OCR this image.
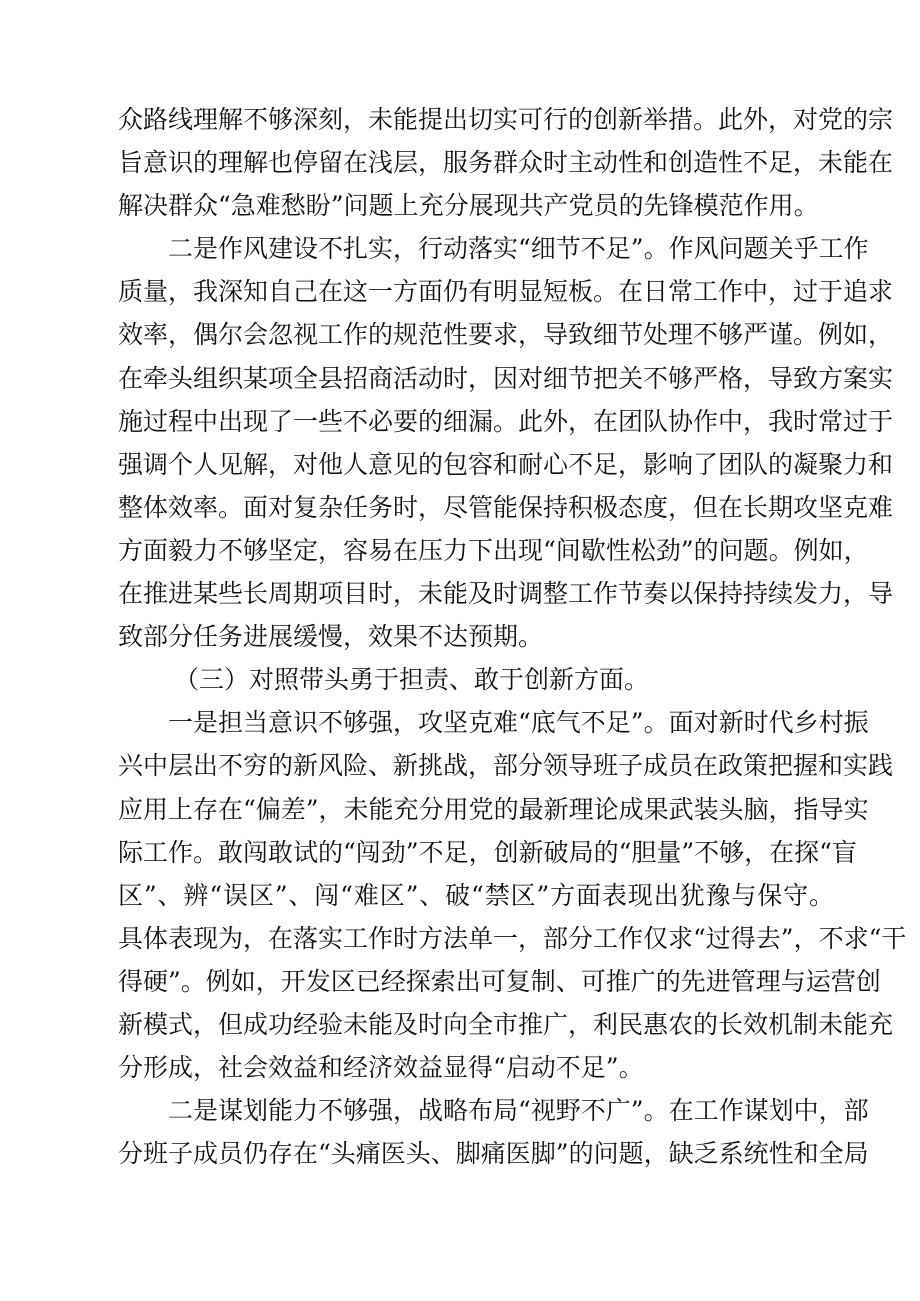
众路线理解不够深刻，未能提出切实可行的创新举措。此外，对党的宗
旨意识的理解也停留在浅层，服务群众时主动性和创造性不足，未能在
解决群众“急难愁盼”问题上充分展现共产党员的先锋模范作用。
二是作风建设不扎实，行动落实“细节不足”。作风问题关乎工作
质量，我深知自己在这一方面仍有明显短板。在日常工作中，过于追求
效率，偶尔会忽视工作的规范性要求，导致细节处理不够严谨。例如，
在牵头组织某项全县招商活动时，因对细节把关不够严格，导致方案实
施过程中出现了一些不必要的细漏。此外，在团队协作中，我时常过于
强调个人见解，对他人意见的包容和耐心不足，影响了团队的凝聚力和
整体效率。面对复杂任务时，尽管能保持积极态度，但在长期攻坚克难
方面毅力不够坚定，容易在压力下出现“间歇性松劲”的问题。例如，
在推进某些长周期项目时，未能及时调整工作节奏以保持持续发力，导
致部分任务进展缓慢，效果不达预期。
（三）对照带头勇于担责、敢于创新方面。
一是担当意识不够强，攻坚克难“底气不足”。面对新时代乡村振
兴中层出不穷的新风险、新挑战，部分领导班子成员在政策把握和实践
应用上存在“偏差”，未能充分用党的最新理论成果武装头脑，指导实
际工作。敢闯敢试的“闯劲”不足，创新破局的“胆量”不够，在探“盲
区”、辨“误区”、闯“难区”、破“禁区”方面表现出犹豫与保守。
具体表现为，在落实工作时方法单一，部分工作仅求“过得去”，不求“干
得硬”。例如，开发区已经探索出可复制、可推广的先进管理与运营创
新模式，但成功经验未能及时向全市推广，利民惠农的长效机制未能充
分形成，社会效益和经济效益显得“启动不足”。
二是谋划能力不够强，战略布局“视野不广”。在工作谋划中，部
分班子成员仍存在“头痛医头、脚痛医脚”的问题，缺乏系统性和全局
